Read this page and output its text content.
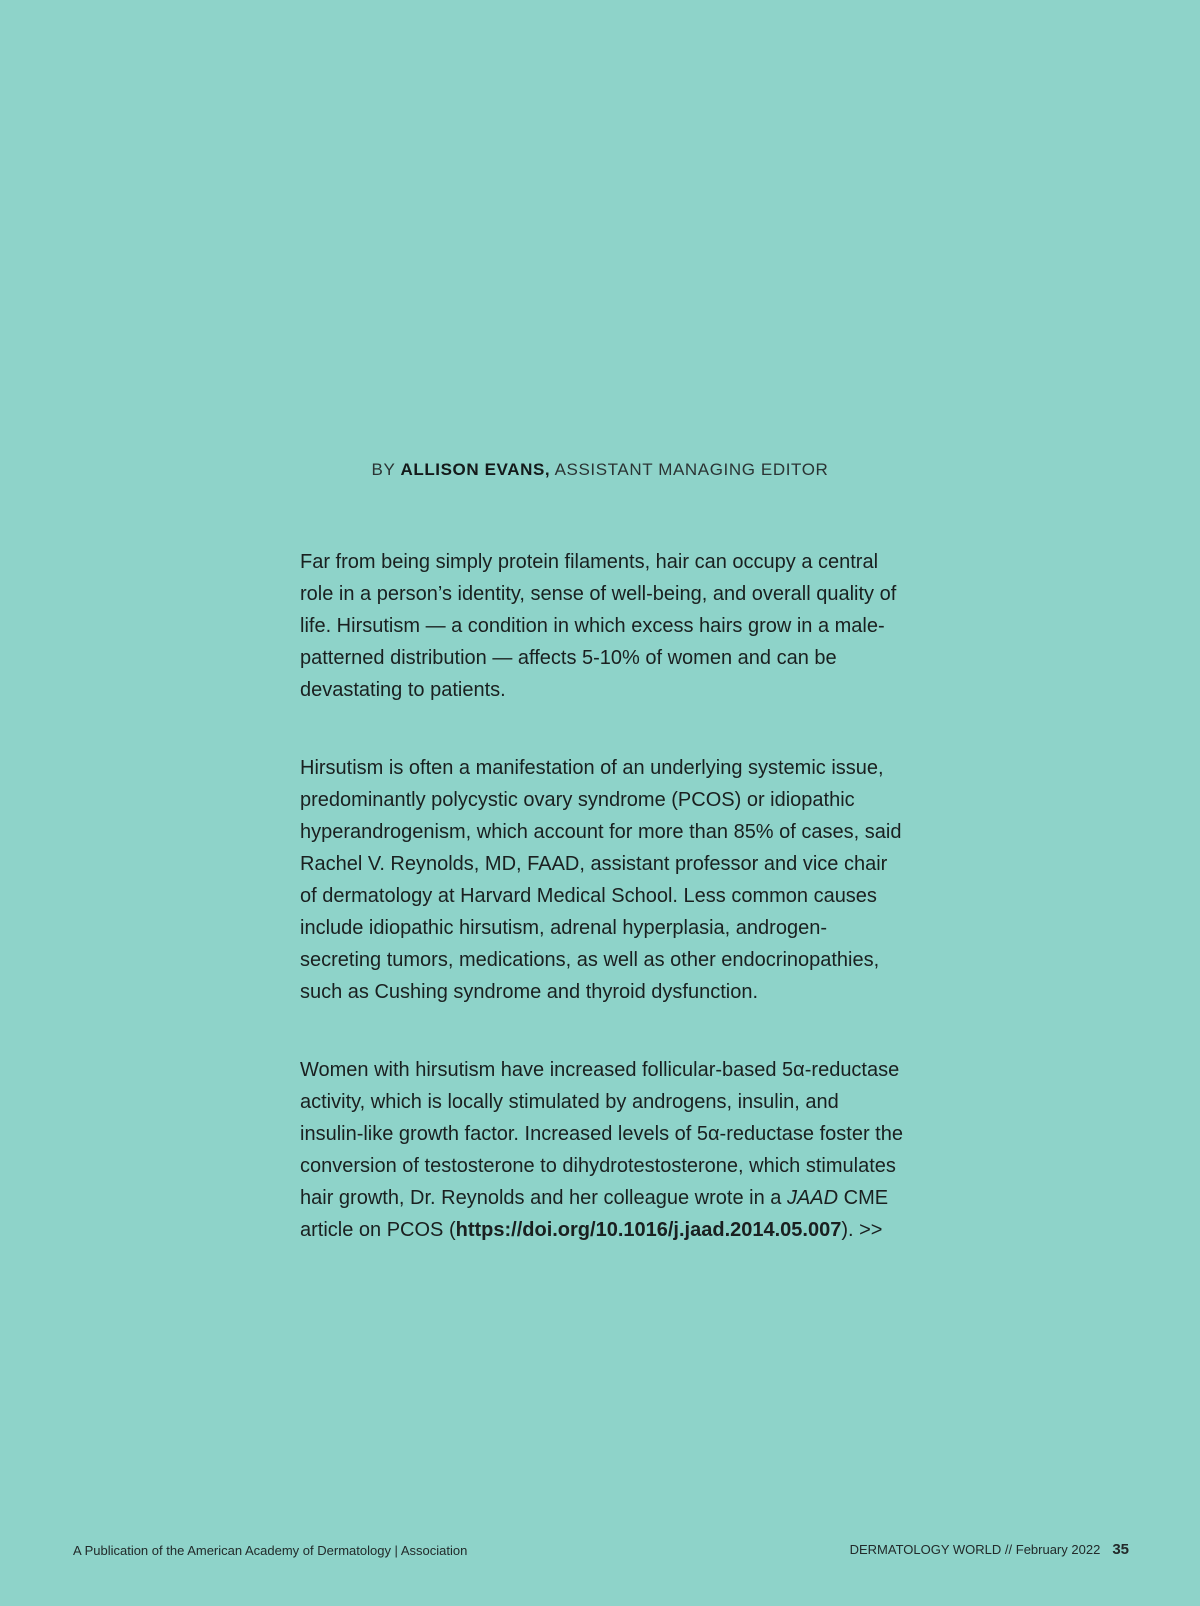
BY ALLISON EVANS, ASSISTANT MANAGING EDITOR

Far from being simply protein filaments, hair can occupy a central role in a person’s identity, sense of well-being, and overall quality of life. Hirsutism — a condition in which excess hairs grow in a male-patterned distribution — affects 5-10% of women and can be devastating to patients.

Hirsutism is often a manifestation of an underlying systemic issue, predominantly polycystic ovary syndrome (PCOS) or idiopathic hyperandrogenism, which account for more than 85% of cases, said Rachel V. Reynolds, MD, FAAD, assistant professor and vice chair of dermatology at Harvard Medical School. Less common causes include idiopathic hirsutism, adrenal hyperplasia, androgen-secreting tumors, medications, as well as other endocrinopathies, such as Cushing syndrome and thyroid dysfunction.

Women with hirsutism have increased follicular-based 5α-reductase activity, which is locally stimulated by androgens, insulin, and insulin-like growth factor. Increased levels of 5α-reductase foster the conversion of testosterone to dihydrotestosterone, which stimulates hair growth, Dr. Reynolds and her colleague wrote in a JAAD CME article on PCOS (https://doi.org/10.1016/j.jaad.2014.05.007). >>

A Publication of the American Academy of Dermatology | Association	DERMATOLOGY WORLD // February 2022 35
